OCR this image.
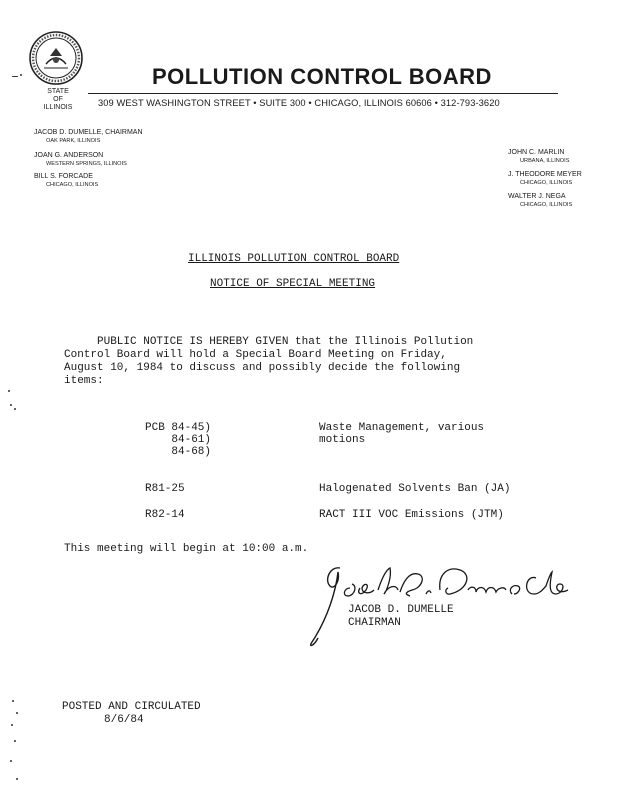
STATE
OF
ILLINOIS
POLLUTION CONTROL BOARD
309 WEST WASHINGTON STREET • SUITE 300 • CHICAGO, ILLINOIS 60606 • 312-793-3620
JACOB D. DUMELLE, CHAIRMAN
OAK PARK, ILLINOIS
JOAN G. ANDERSON
WESTERN SPRINGS, ILLINOIS
BILL S. FORCADE
CHICAGO, ILLINOIS
JOHN C. MARLIN
URBANA, ILLINOIS
J. THEODORE MEYER
CHICAGO, ILLINOIS
WALTER J. NEGA
CHICAGO, ILLINOIS
ILLINOIS POLLUTION CONTROL BOARD
NOTICE OF SPECIAL MEETING
PUBLIC NOTICE IS HEREBY GIVEN that the Illinois Pollution
Control Board will hold a Special Board Meeting on Friday,
August 10, 1984 to discuss and possibly decide the following
items:
PCB 84-45)
84-61)
84-68)
Waste Management, various
motions
R81-25	Halogenated Solvents Ban (JA)
R82-14	RACT III VOC Emissions (JTM)
This meeting will begin at 10:00 a.m.
JACOB D. DUMELLE
CHAIRMAN
POSTED AND CIRCULATED
8/6/84
